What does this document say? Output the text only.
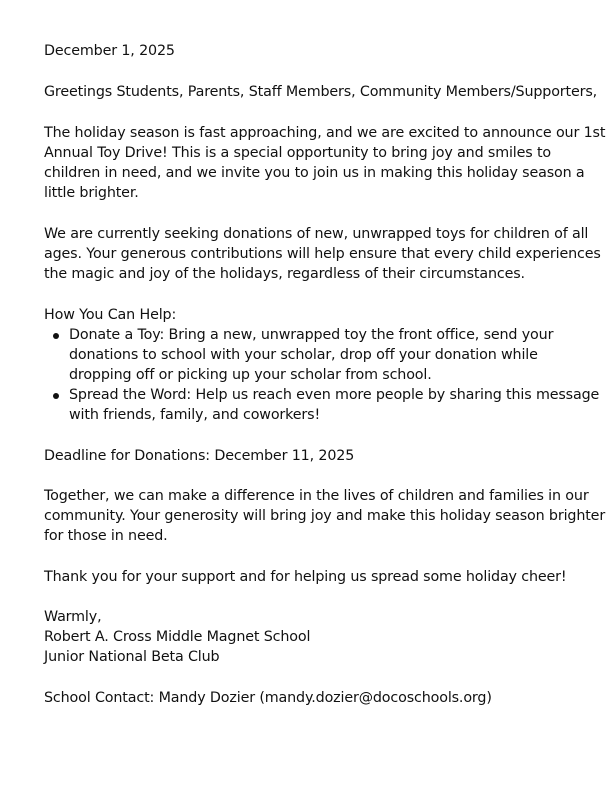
December 1, 2025
Greetings Students, Parents, Staff Members, Community Members/Supporters,
The holiday season is fast approaching, and we are excited to announce our 1st
Annual Toy Drive! This is a special opportunity to bring joy and smiles to
children in need, and we invite you to join us in making this holiday season a
little brighter.
We are currently seeking donations of new, unwrapped toys for children of all
ages. Your generous contributions will help ensure that every child experiences
the magic and joy of the holidays, regardless of their circumstances.
How You Can Help:
Donate a Toy: Bring a new, unwrapped toy the front office, send your
donations to school with your scholar, drop off your donation while
dropping off or picking up your scholar from school.
Spread the Word: Help us reach even more people by sharing this message
with friends, family, and coworkers!
Deadline for Donations: December 11, 2025
Together, we can make a difference in the lives of children and families in our
community. Your generosity will bring joy and make this holiday season brighter
for those in need.
Thank you for your support and for helping us spread some holiday cheer!
Warmly,
Robert A. Cross Middle Magnet School
Junior National Beta Club
School Contact: Mandy Dozier (mandy.dozier@docoschools.org)
